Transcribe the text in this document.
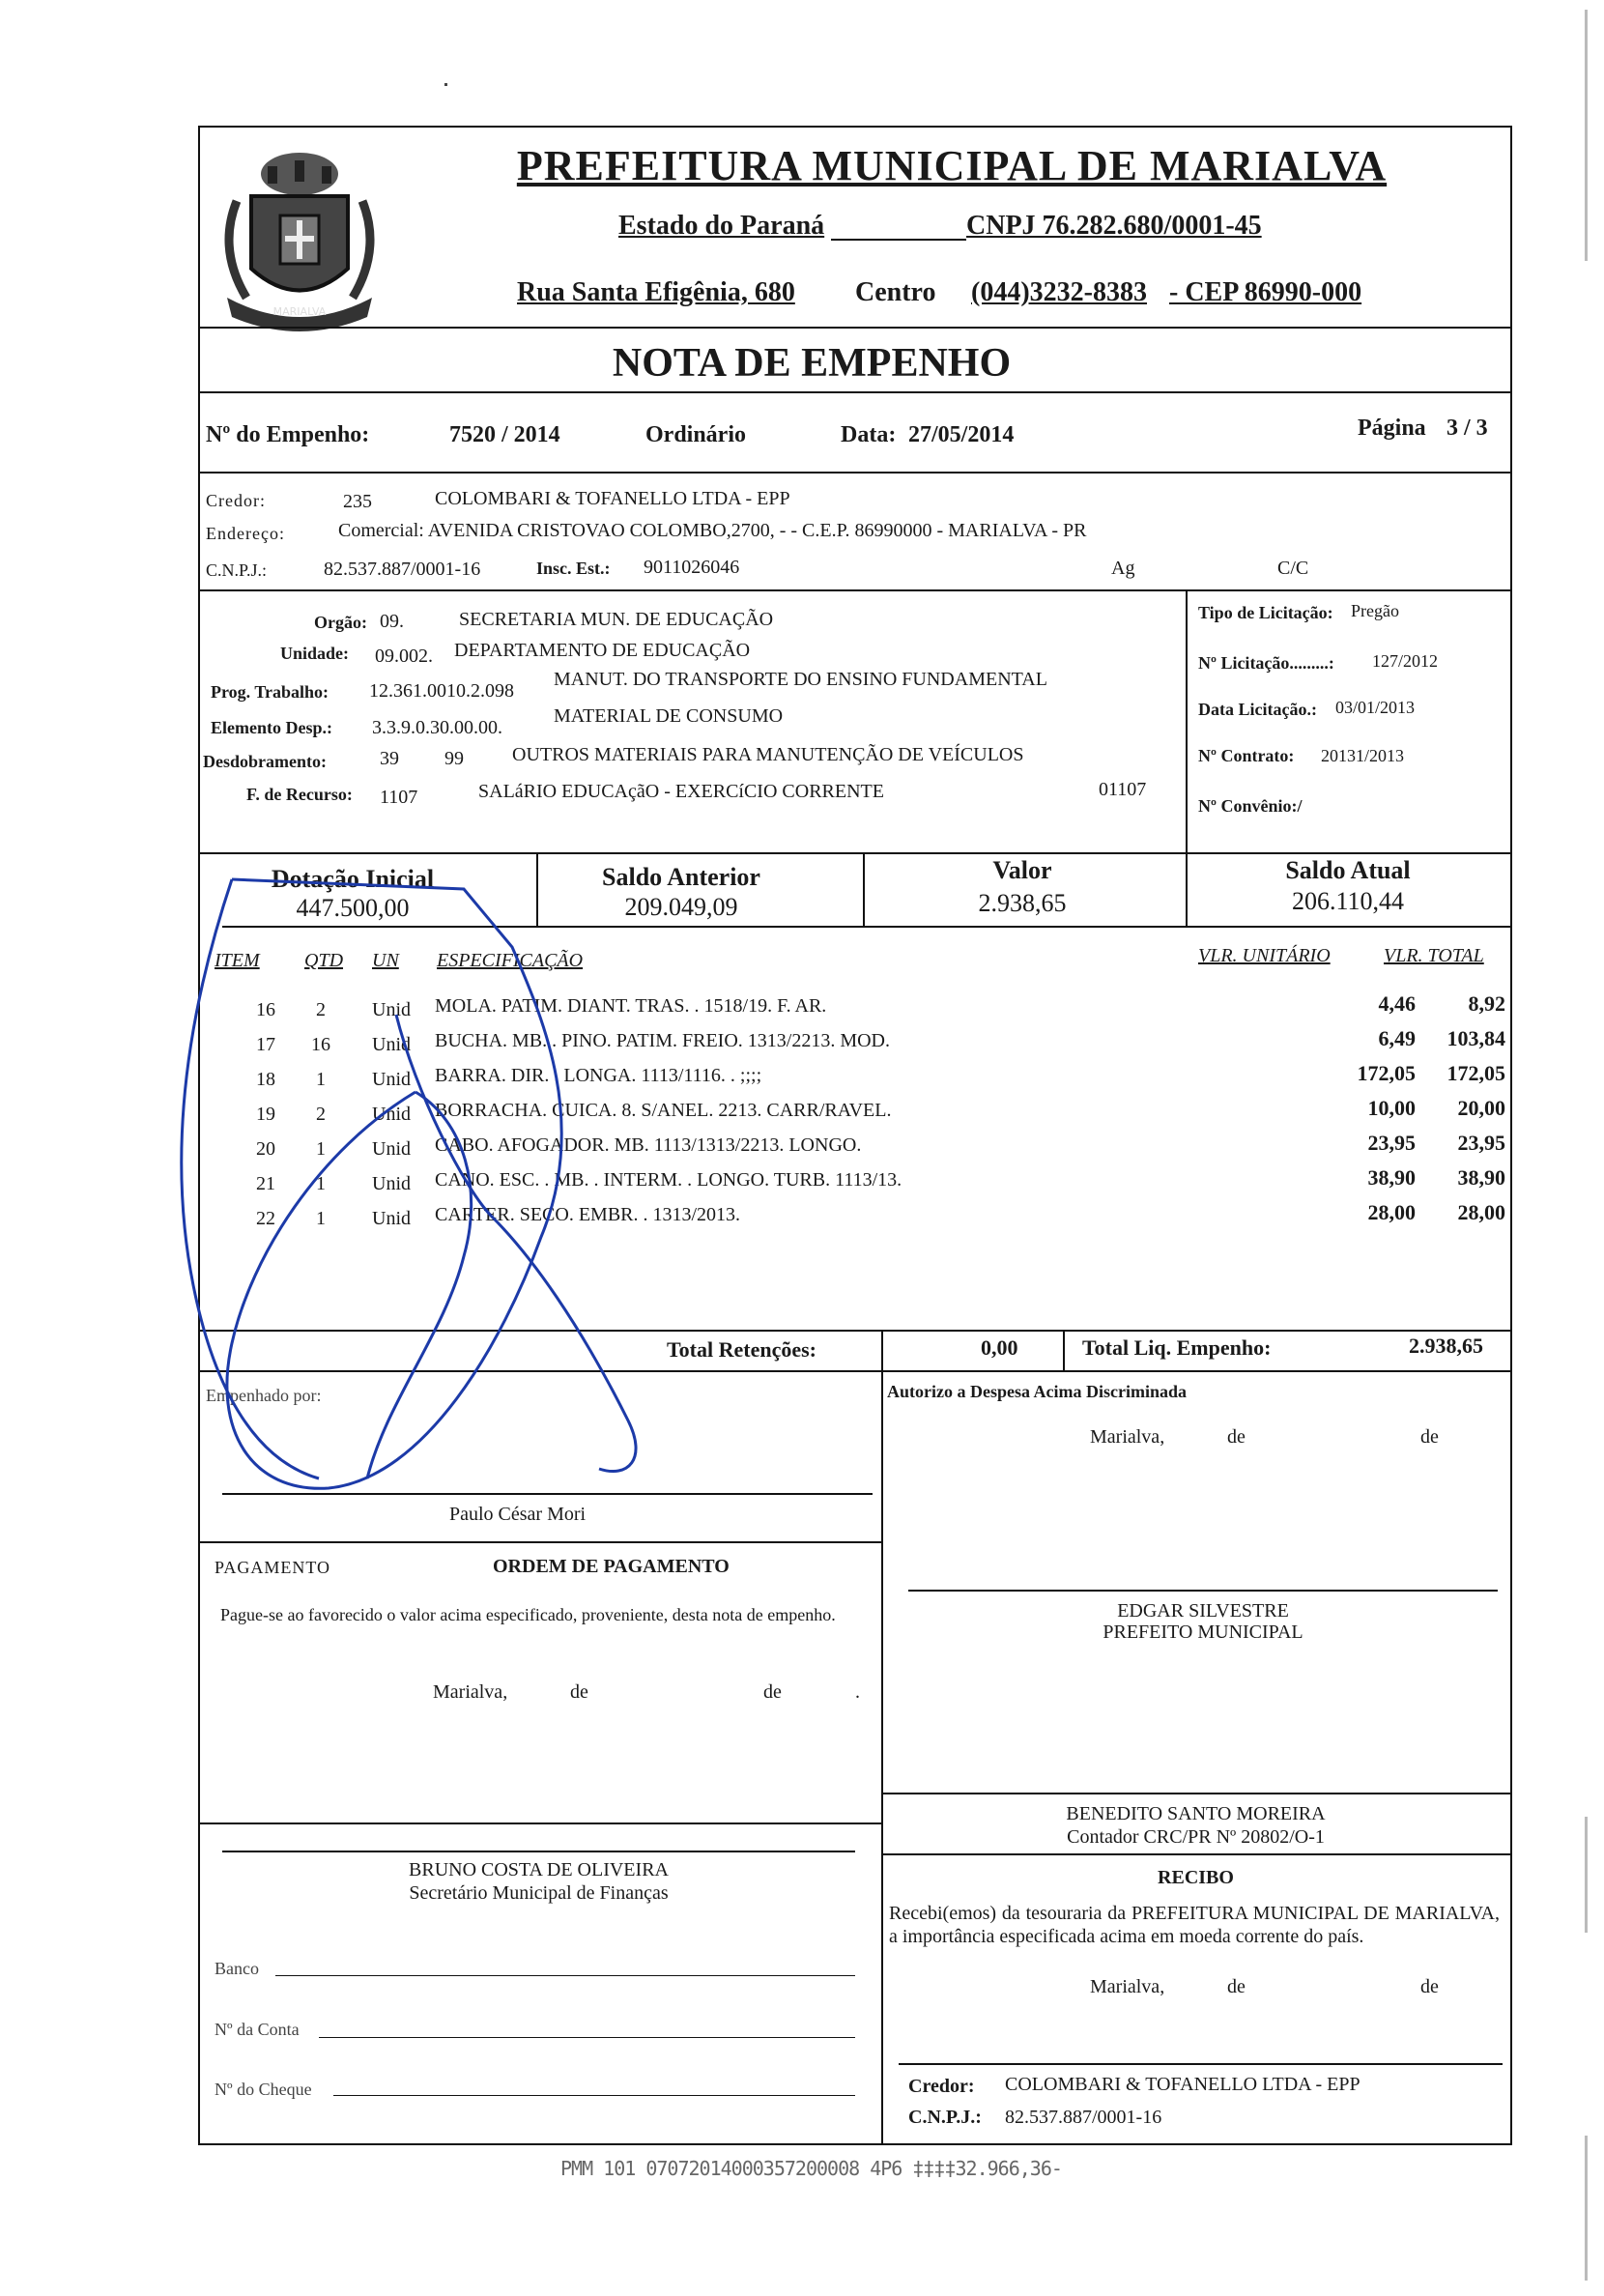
MARIALVA
PREFEITURA MUNICIPAL DE MARIALVA
Estado do Paraná	CNPJ 76.282.680/0001-45
Rua Santa Efigênia, 680 Centro (044)3232-8383 - CEP 86990-000
NOTA DE EMPENHO
Nº do Empenho:	7520 / 2014	Ordinário	Data: 27/05/2014	Página 3 / 3
Credor:	235	COLOMBARI & TOFANELLO LTDA - EPP
Endereço:	Comercial: AVENIDA CRISTOVAO COLOMBO,2700, - - C.E.P. 86990000 - MARIALVA - PR
C.N.P.J.:	82.537.887/0001-16	Insc. Est.: 9011026046	Ag	C/C
Orgão: 09.	SECRETARIA MUN. DE EDUCAÇÃO
Unidade: 09.002. DEPARTAMENTO DE EDUCAÇÃO
Prog. Trabalho: 12.361.0010.2.098
MANUT. DO TRANSPORTE DO ENSINO FUNDAMENTAL
Elemento Desp.: 3.3.9.0.30.00.00.
MATERIAL DE CONSUMO
Desdobramento:	39 99	OUTROS MATERIAIS PARA MANUTENÇÃO DE VEÍCULOS
F. de Recurso: 1107	SALáRIO EDUCAçãO - EXERCíCIO CORRENTE	01107
Tipo de Licitação: Pregão
Nº Licitação.........: 127/2012
Data Licitação.: 03/01/2013
Nº Contrato: 20131/2013
Nº Convênio:/
Dotação Inicial
447.500,00
Saldo Anterior
209.049,09
Valor
2.938,65
Saldo Atual
206.110,44
ITEM QTD UN ESPECIFICAÇÃO	VLR. UNITÁRIO	VLR. TOTAL
16 2 Unid MOLA. PATIM. DIANT. TRAS. . 1518/19. F. AR.	4,46	8,92
17 16 Unid BUCHA. MB. . PINO. PATIM. FREIO. 1313/2213. MOD.	6,49	103,84
18 1 Unid BARRA. DIR. . LONGA. 1113/1116. . ;;;;	172,05	172,05
19 2 Unid BORRACHA. CUICA. 8. S/ANEL. 2213. CARR/RAVEL.	10,00	20,00
20 1 Unid CABO. AFOGADOR. MB. 1113/1313/2213. LONGO.	23,95	23,95
21 1 Unid CANO. ESC. . MB. . INTERM. . LONGO. TURB. 1113/13.	38,90	38,90
22 1 Unid CARTER. SECO. EMBR. . 1313/2013.	28,00	28,00
Total Retenções:	0,00	Total Liq. Empenho:	2.938,65
Empenhado por:	Autorizo a Despesa Acima Discriminada
Marialva,	de	de
Paulo César Mori
PAGAMENTO	ORDEM DE PAGAMENTO
Pague-se ao favorecido o valor acima especificado, proveniente, desta nota de empenho.
Marialva,	de	de	.
EDGAR SILVESTRE
PREFEITO MUNICIPAL
BENEDITO SANTO MOREIRA
Contador CRC/PR Nº 20802/O-1
RECIBO
Recebi(emos) da tesouraria da PREFEITURA MUNICIPAL DE MARIALVA, a importância especificada acima em moeda corrente do país.
Marialva,	de	de
BRUNO COSTA DE OLIVEIRA
Secretário Municipal de Finanças
Banco
Nº da Conta
Nº do Cheque	Credor: COLOMBARI & TOFANELLO LTDA - EPP
C.N.P.J.: 82.537.887/0001-16
PMM 101 07072014000357200008 4P6 ‡‡‡‡32.966,36-
